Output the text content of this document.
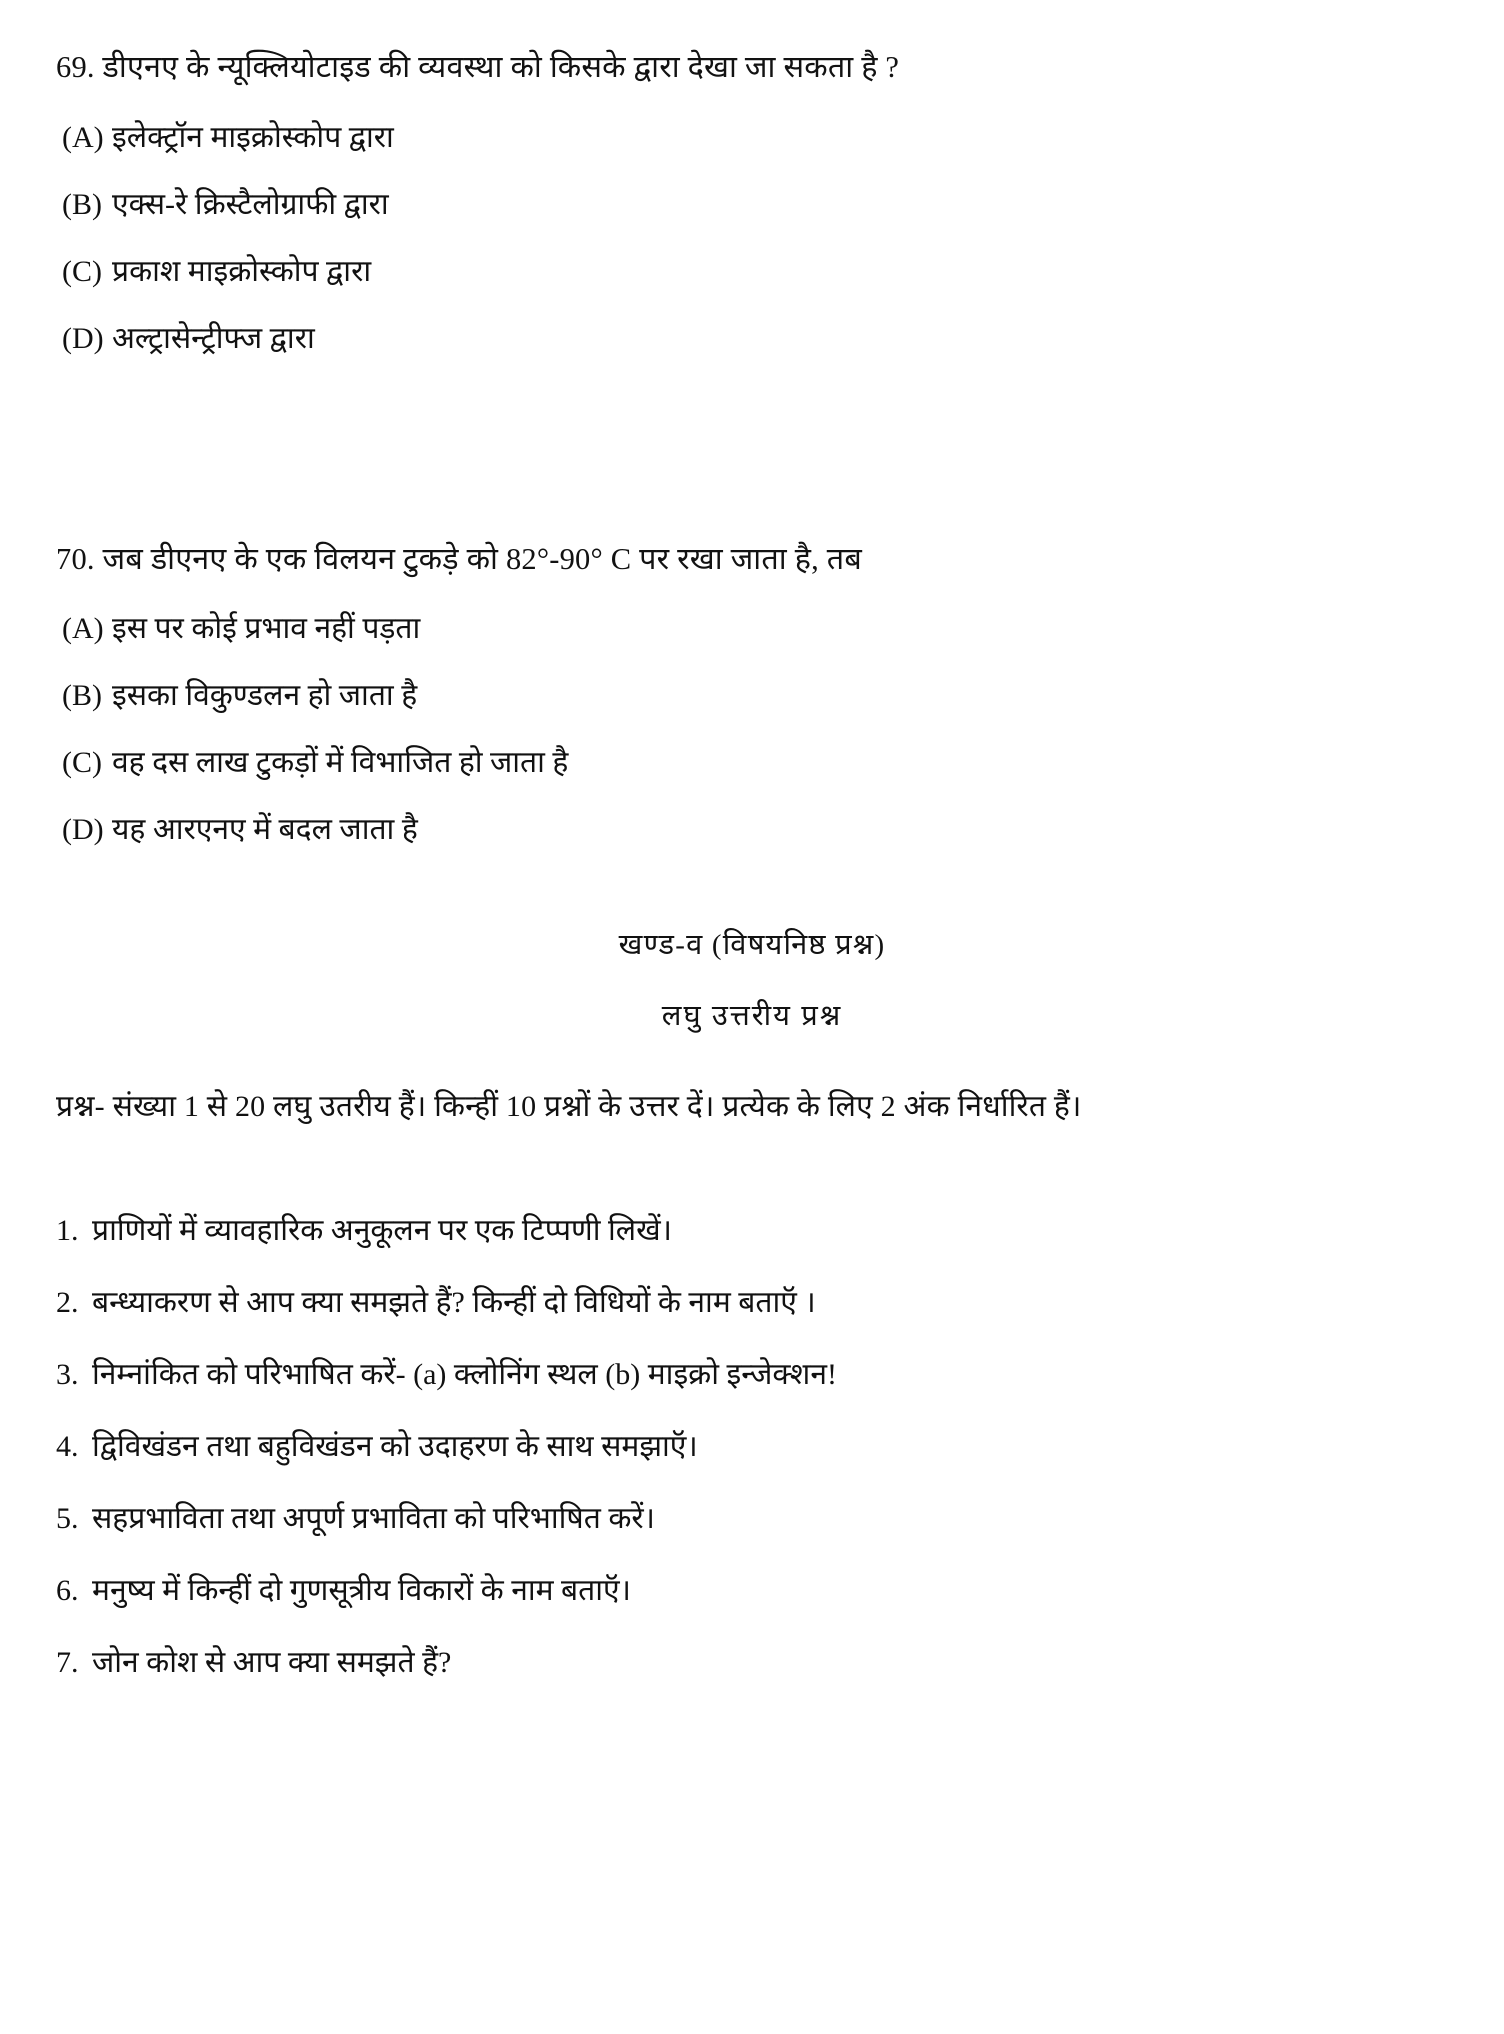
69. डीएनए के न्यूक्लियोटाइड की व्यवस्था को किसके द्वारा देखा जा सकता है ?
(A) इलेक्ट्रॉन माइक्रोस्कोप द्वारा
(B) एक्स-रे क्रिस्टैलोग्राफी द्वारा
(C) प्रकाश माइक्रोस्कोप द्वारा
(D) अल्ट्रासेन्ट्रीफ्ज द्वारा
70. जब डीएनए के एक विलयन टुकड़े को 82°-90° C पर रखा जाता है, तब
(A) इस पर कोई प्रभाव नहीं पड़ता
(B) इसका विकुण्डलन हो जाता है
(C) वह दस लाख टुकड़ों में विभाजित हो जाता है
(D) यह आरएनए में बदल जाता है
खण्ड-व (विषयनिष्ठ प्रश्न)
लघु उत्तरीय प्रश्न
प्रश्न- संख्या 1 से 20 लघु उतरीय हैं। किन्हीं 10 प्रश्नों के उत्तर दें। प्रत्येक के लिए 2 अंक निर्धारित हैं।
1. प्राणियों में व्यावहारिक अनुकूलन पर एक टिप्पणी लिखें।
2. बन्ध्याकरण से आप क्या समझते हैं? किन्हीं दो विधियों के नाम बताऍ ।
3. निम्नांकित को परिभाषित करें- (a) क्लोनिंग स्थल (b) माइक्रो इन्जेक्शन!
4. द्विविखंडन तथा बहुविखंडन को उदाहरण के साथ समझाऍ।
5. सहप्रभाविता तथा अपूर्ण प्रभाविता को परिभाषित करें।
6. मनुष्य में किन्हीं दो गुणसूत्रीय विकारों के नाम बताऍ।
7. जोन कोश से आप क्या समझते हैं?
